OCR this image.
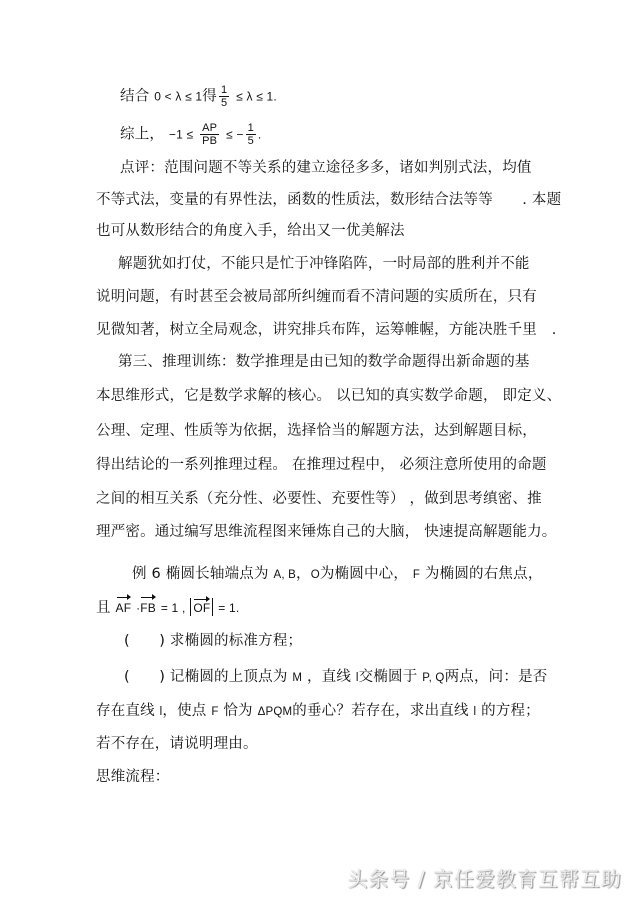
结合 0 < λ ≤ 1得 $\frac{1}{5} \le \lambda \le 1$.
综上， $-1 \le \frac{AP}{PB}$ ≤ − $\frac{1}{5}$ .
点评：范围问题不等关系的建立途径多多，诸如判别式法，均值
不等式法，变量的有界性法，函数的性质法，数形结合法等等　　. 本题
也可从数形结合的角度入手，给出又一优美解法
解题犹如打仗，不能只是忙于冲锋陷阵，一时局部的胜利并不能
说明问题，有时甚至会被局部所纠缠而看不清问题的实质所在，只有
见微知著，树立全局观念，讲究排兵布阵，运筹帷幄，方能决胜千里　.
第三、推理训练：数学推理是由已知的数学命题得出新命题的基
本思维形式，它是数学求解的核心。 以已知的真实数学命题， 即定义、
公理、定理、性质等为依据，选择恰当的解题方法，达到解题目标，
得出结论的一系列推理过程。 在推理过程中， 必须注意所使用的命题
之间的相互关系（充分性、必要性、充要性等） ，做到思考缜密、推
理严密。通过编写思维流程图来锤炼自己的大脑， 快速提高解题能力。
例 6 椭圆长轴端点为 A, B，O为椭圆中心， F 为椭圆的右焦点，
且 AF ·FB = 1 , OF = 1.
(　　) 求椭圆的标准方程；
(　　) 记椭圆的上顶点为 M ，直线 l交椭圆于 P, Q两点，问：是否
存在直线 l，使点 F 恰为 ΔPQM的垂心？若存在，求出直线 l 的方程；
若不存在，请说明理由。
思维流程：
头条号 / 京任爱教育互帮互助
